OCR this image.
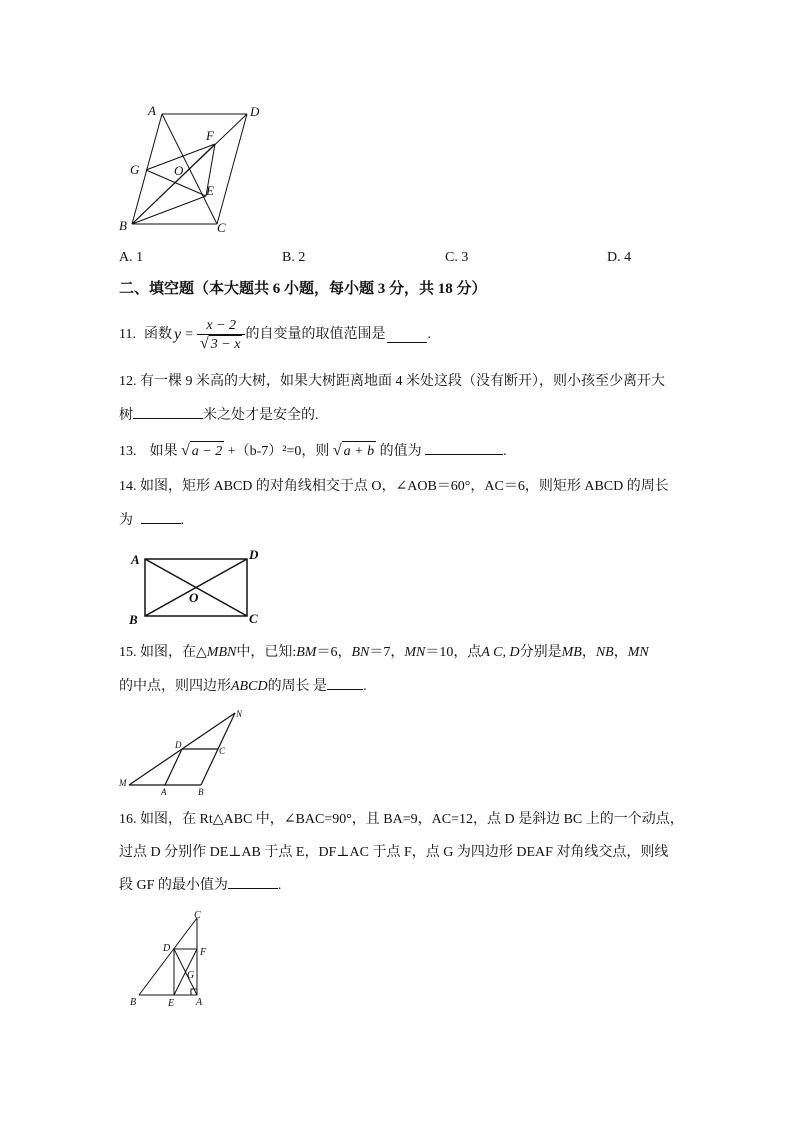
A	D
F
G	O
E
B	C
A. 1	B. 2	C. 3	D. 4
二、填空题（本大题共 6 小题，每小题 3 分，共 18 分）
11. 函数 $y = \frac{x - 2}{√ 3 - x}$ 的自变量的取值范围是	.
12. 有一棵 9 米高的大树，如果大树距离地面 4 米处这段（没有断开），则小孩至少离开大
树	米之处才是安全的.
13. 如果 √ a − 2 +（b-7）²=0，则 √ a + b 的值为	.
14. 如图，矩形 ABCD 的对角线相交于点 O，∠AOB＝60°，AC＝6，则矩形 ABCD 的周长
为	.
A	D
O
B	C
15. 如图，在△MBN中，已知:BM＝6，BN＝7，MN＝10，点A C, D分别是MB，NB，MN
的中点，则四边形ABCD的周长 是	.
M
A	B
D
C
N
16. 如图，在 Rt△ABC 中，∠BAC=90°，且 BA=9，AC=12，点 D 是斜边 BC 上的一个动点，
过点 D 分别作 DE⊥AB 于点 E，DF⊥AC 于点 F，点 G 为四边形 DEAF 对角线交点，则线
段 GF 的最小值为	.
C
D	F
G
B	E A
